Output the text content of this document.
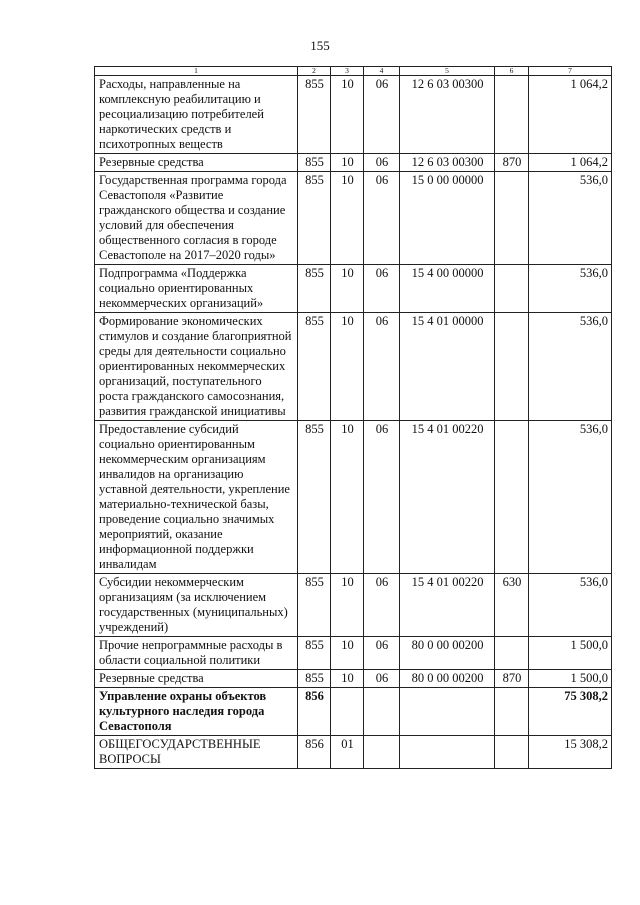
155
1	2	3	4	5	6	7
Расходы, направленные на комплексную реабилитацию и ресоциализацию потребителей наркотических средств и психотропных веществ	855	10	06	12 6 03 00300		1 064,2
Резервные средства	855	10	06	12 6 03 00300	870	1 064,2
Государственная программа города Севастополя «Развитие гражданского общества и создание условий для обеспечения общественного согласия в городе Севастополе на 2017–2020 годы»	855	10	06	15 0 00 00000		536,0
Подпрограмма «Поддержка социально ориентированных некоммерческих организаций»	855	10	06	15 4 00 00000		536,0
Формирование экономических стимулов и создание благоприятной среды для деятельности социально ориентированных некоммерческих организаций, поступательного роста гражданского самосознания, развития гражданской инициативы	855	10	06	15 4 01 00000		536,0
Предоставление субсидий социально ориентированным некоммерческим организациям инвалидов на организацию уставной деятельности, укрепление материально-технической базы, проведение социально значимых мероприятий, оказание информационной поддержки инвалидам	855	10	06	15 4 01 00220		536,0
Субсидии некоммерческим организациям (за исключением государственных (муниципальных) учреждений)	855	10	06	15 4 01 00220	630	536,0
Прочие непрограммные расходы в области социальной политики	855	10	06	80 0 00 00200		1 500,0
Резервные средства	855	10	06	80 0 00 00200	870	1 500,0
Управление охраны объектов культурного наследия города Севастополя	856					75 308,2
ОБЩЕГОСУДАРСТВЕННЫЕ ВОПРОСЫ	856	01				15 308,2
